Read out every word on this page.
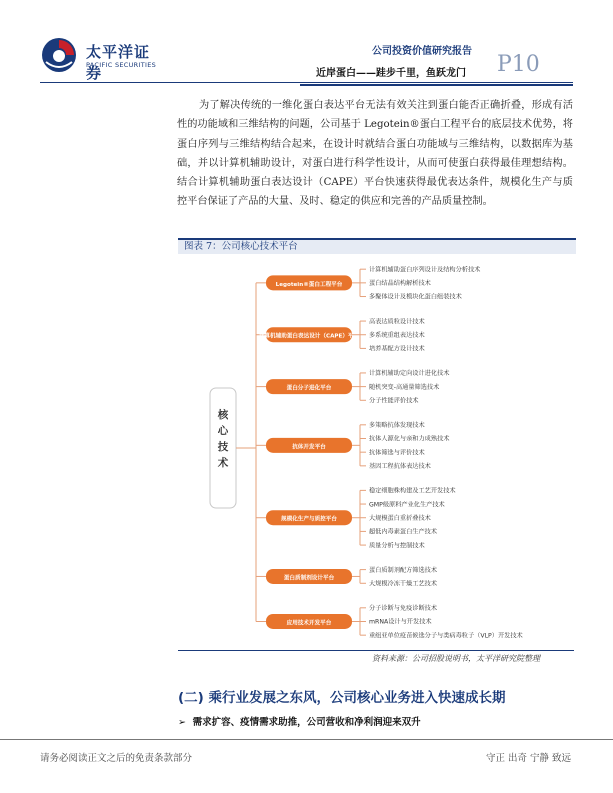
太平洋证券
PACIFIC SECURITIES
公司投资价值研究报告
近岸蛋白——跬步千里，鱼跃龙门 P10
为了解决传统的一维化蛋白表达平台无法有效关注到蛋白能否正确折叠，形成有活性的功能域和三维结构的问题，公司基于 Legotein®蛋白工程平台的底层技术优势，将蛋白序列与三维结构结合起来，在设计时就结合蛋白功能域与三维结构，以数据库为基础，并以计算机辅助设计，对蛋白进行科学性设计，从而可使蛋白获得最佳理想结构。结合计算机辅助蛋白表达设计（CAPE）平台快速获得最优表达条件，规模化生产与质控平台保证了产品的大量、及时、稳定的供应和完善的产品质量控制。
图表 7：公司核心技术平台
核心技术
Legotein®蛋白工程平台
计算机辅助蛋白序列设计及结构分析技术
蛋白结晶结构解析技术
多聚体设计及模块化蛋白组装技术
计算机辅助蛋白表达设计（CAPE）平台
高表达质粒设计技术
多系统重组表达技术
培养基配方设计技术
蛋白分子进化平台
计算机辅助定向设计进化技术
随机突变-高通量筛选技术
分子性能评价技术
抗体开发平台
多策略抗体发现技术
抗体人源化与亲和力成熟技术
抗体筛选与评价技术
基因工程抗体表达技术
规模化生产与质控平台
稳定细胞株构建及工艺开发技术
GMP级原料产业化生产技术
大规模蛋白重折叠技术
超低内毒素蛋白生产技术
质量分析与控制技术
蛋白质制剂设计平台
蛋白质制剂配方筛选技术
大规模冷冻干燥工艺技术
应用技术开发平台
分子诊断与免疫诊断技术
mRNA设计与开发技术
重组亚单位疫苗候选分子与类病毒粒子（VLP）开发技术
资料来源：公司招股说明书，太平洋研究院整理
(二) 乘行业发展之东风，公司核心业务进入快速成长期
➢  需求扩容、疫情需求助推，公司营收和净利润迎来双升
请务必阅读正文之后的免责条款部分	守正 出奇 宁静 致远
